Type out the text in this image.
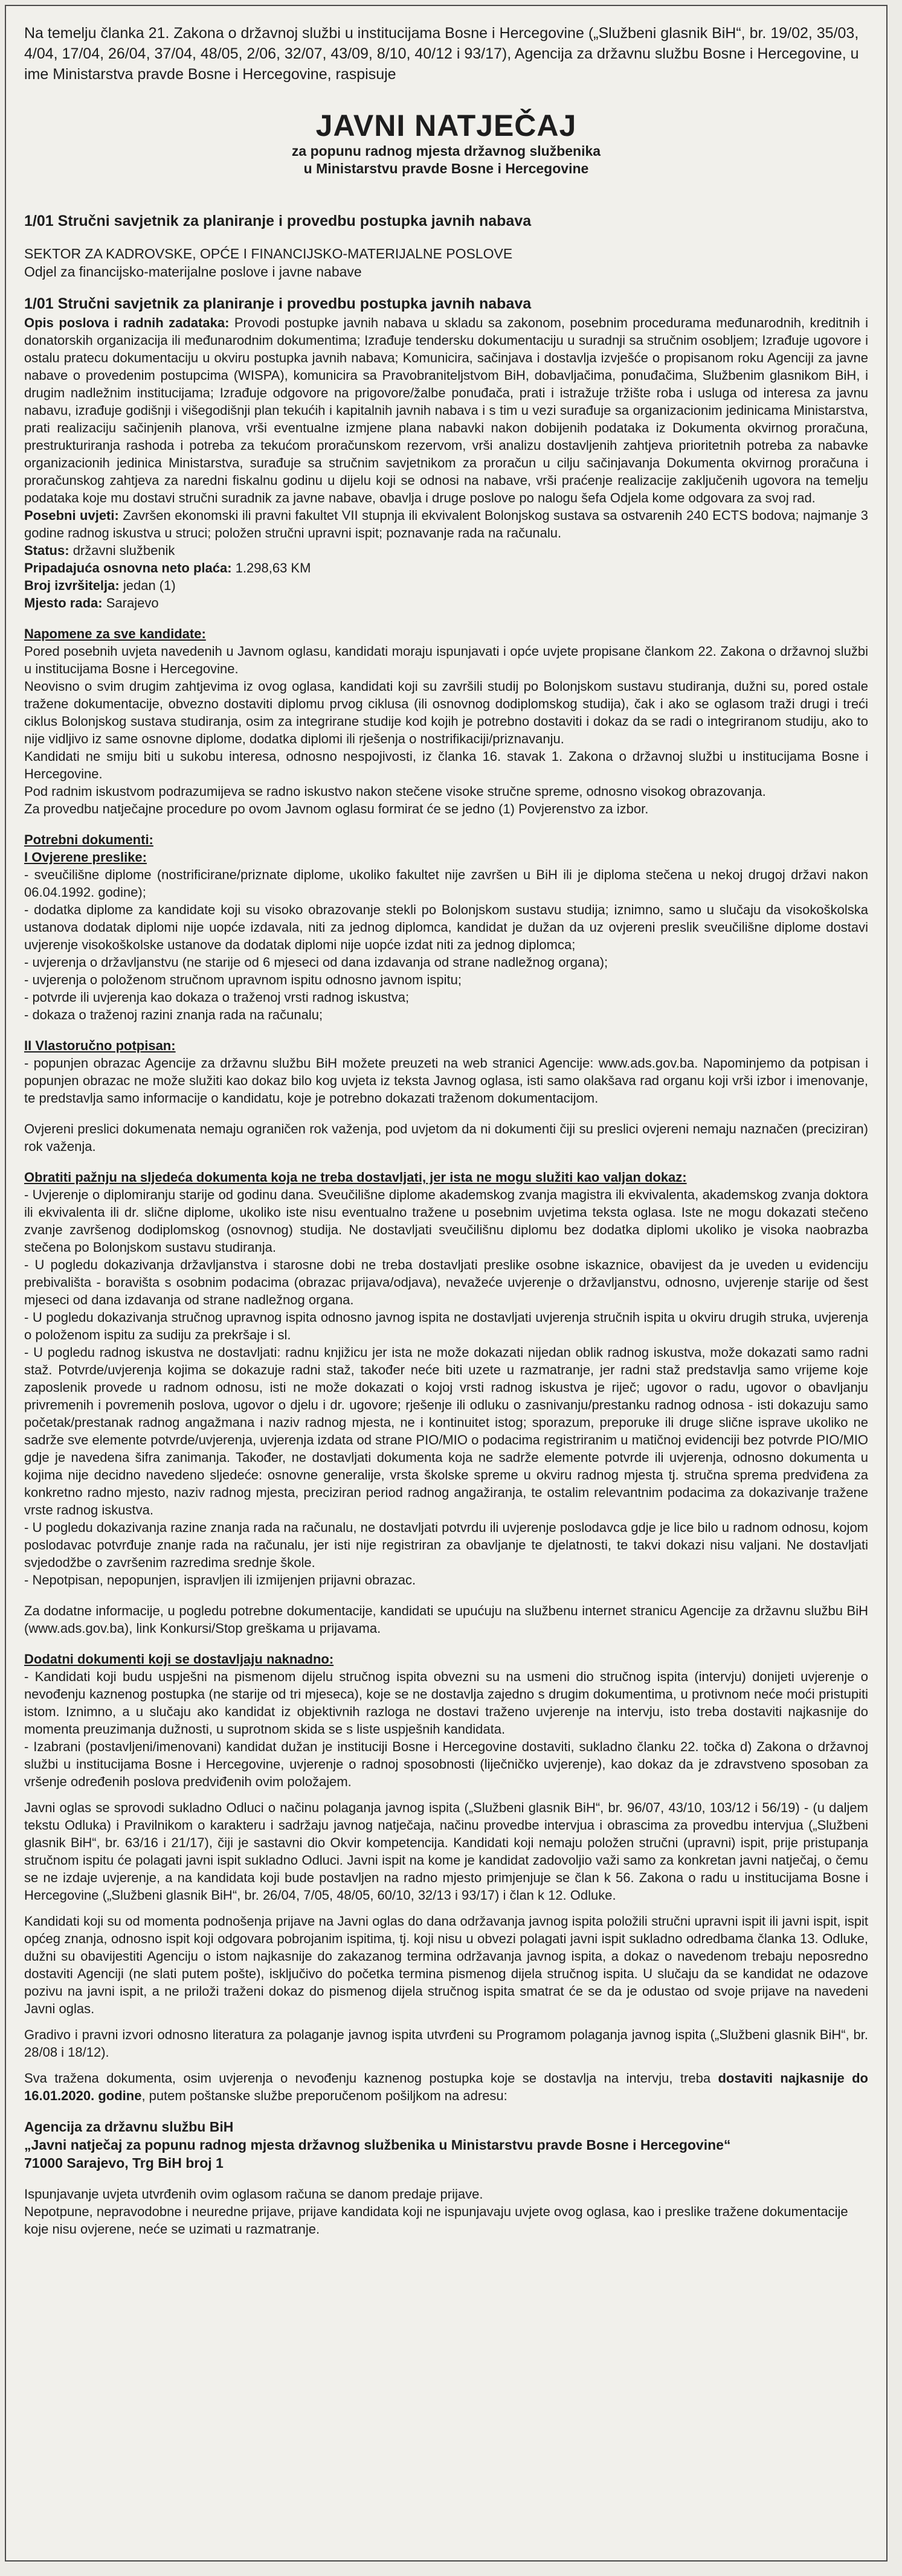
Na temelju članka 21. Zakona o državnoj službi u institucijama Bosne i Hercegovine („Službeni glasnik BiH“, br. 19/02, 35/03, 4/04, 17/04, 26/04, 37/04, 48/05, 2/06, 32/07, 43/09, 8/10, 40/12 i 93/17), Agencija za državnu službu Bosne i Hercegovine, u ime Ministarstva pravde Bosne i Hercegovine, raspisuje

JAVNI NATJEČAJ
za popunu radnog mjesta državnog službenika
u Ministarstvu pravde Bosne i Hercegovine

1/01 Stručni savjetnik za planiranje i provedbu postupka javnih nabava

SEKTOR ZA KADROVSKE, OPĆE I FINANCIJSKO-MATERIJALNE POSLOVE

Odjel za financijsko-materijalne poslove i javne nabave

1/01 Stručni savjetnik za planiranje i provedbu postupka javnih nabava

Opis poslova i radnih zadataka: Provodi postupke javnih nabava u skladu sa zakonom, posebnim procedurama međunarodnih, kreditnih i donatorskih organizacija ili međunarodnim dokumentima; Izrađuje tendersku dokumentaciju u suradnji sa stručnim osobljem; Izrađuje ugovore i ostalu pratecu dokumentaciju u okviru postupka javnih nabava; Komunicira, sačinjava i dostavlja izvješće o propisanom roku Agenciji za javne nabave o provedenim postupcima (WISPA), komunicira sa Pravobraniteljstvom BiH, dobavljačima, ponuđačima, Službenim glasnikom BiH, i drugim nadležnim institucijama; Izrađuje odgovore na prigovore/žalbe ponuđača, prati i istražuje tržište roba i usluga od interesa za javnu nabavu, izrađuje godišnji i višegodišnji plan tekućih i kapitalnih javnih nabava i s tim u vezi surađuje sa organizacionim jedinicama Ministarstva, prati realizaciju sačinjenih planova, vrši eventualne izmjene plana nabavki nakon dobijenih podataka iz Dokumenta okvirnog proračuna, prestrukturiranja rashoda i potreba za tekućom proračunskom rezervom, vrši analizu dostavljenih zahtjeva prioritetnih potreba za nabavke organizacionih jedinica Ministarstva, surađuje sa stručnim savjetnikom za proračun u cilju sačinjavanja Dokumenta okvirnog proračuna i proračunskog zahtjeva za naredni fiskalnu godinu u dijelu koji se odnosi na nabave, vrši praćenje realizacije zaključenih ugovora na temelju podataka koje mu dostavi stručni suradnik za javne nabave, obavlja i druge poslove po nalogu šefa Odjela kome odgovara za svoj rad.

Posebni uvjeti: Završen ekonomski ili pravni fakultet VII stupnja ili ekvivalent Bolonjskog sustava sa ostvarenih 240 ECTS bodova; najmanje 3 godine radnog iskustva u struci; položen stručni upravni ispit; poznavanje rada na računalu.

Status: državni službenik

Pripadajuća osnovna neto plaća: 1.298,63 KM

Broj izvršitelja: jedan (1)

Mjesto rada: Sarajevo

Napomene za sve kandidate:

Pored posebnih uvjeta navedenih u Javnom oglasu, kandidati moraju ispunjavati i opće uvjete propisane člankom 22. Zakona o državnoj službi u institucijama Bosne i Hercegovine.

Neovisno o svim drugim zahtjevima iz ovog oglasa, kandidati koji su završili studij po Bolonjskom sustavu studiranja, dužni su, pored ostale tražene dokumentacije, obvezno dostaviti diplomu prvog ciklusa (ili osnovnog dodiplomskog studija), čak i ako se oglasom traži drugi i treći ciklus Bolonjskog sustava studiranja, osim za integrirane studije kod kojih je potrebno dostaviti i dokaz da se radi o integriranom studiju, ako to nije vidljivo iz same osnovne diplome, dodatka diplomi ili rješenja o nostrifikaciji/priznavanju.

Kandidati ne smiju biti u sukobu interesa, odnosno nespojivosti, iz članka 16. stavak 1. Zakona o državnoj službi u institucijama Bosne i Hercegovine.

Pod radnim iskustvom podrazumijeva se radno iskustvo nakon stečene visoke stručne spreme, odnosno visokog obrazovanja.

Za provedbu natječajne procedure po ovom Javnom oglasu formirat će se jedno (1) Povjerenstvo za izbor.

Potrebni dokumenti:

I Ovjerene preslike:

- sveučilišne diplome (nostrificirane/priznate diplome, ukoliko fakultet nije završen u BiH ili je diploma stečena u nekoj drugoj državi nakon 06.04.1992. godine);

- dodatka diplome za kandidate koji su visoko obrazovanje stekli po Bolonjskom sustavu studija; iznimno, samo u slučaju da visokoškolska ustanova dodatak diplomi nije uopće izdavala, niti za jednog diplomca, kandidat je dužan da uz ovjereni preslik sveučilišne diplome dostavi uvjerenje visokoškolske ustanove da dodatak diplomi nije uopće izdat niti za jednog diplomca;

- uvjerenja o državljanstvu (ne starije od 6 mjeseci od dana izdavanja od strane nadležnog organa);

- uvjerenja o položenom stručnom upravnom ispitu odnosno javnom ispitu;

- potvrde ili uvjerenja kao dokaza o traženoj vrsti radnog iskustva;

- dokaza o traženoj razini znanja rada na računalu;

II Vlastoručno potpisan:

- popunjen obrazac Agencije za državnu službu BiH možete preuzeti na web stranici Agencije: www.ads.gov.ba. Napominjemo da potpisan i popunjen obrazac ne može služiti kao dokaz bilo kog uvjeta iz teksta Javnog oglasa, isti samo olakšava rad organu koji vrši izbor i imenovanje, te predstavlja samo informacije o kandidatu, koje je potrebno dokazati traženom dokumentacijom.

Ovjereni preslici dokumenata nemaju ograničen rok važenja, pod uvjetom da ni dokumenti čiji su preslici ovjereni nemaju naznačen (preciziran) rok važenja.

Obratiti pažnju na sljedeća dokumenta koja ne treba dostavljati, jer ista ne mogu služiti kao valjan dokaz:

- Uvjerenje o diplomiranju starije od godinu dana. Sveučilišne diplome akademskog zvanja magistra ili ekvivalenta, akademskog zvanja doktora ili ekvivalenta ili dr. slične diplome, ukoliko iste nisu eventualno tražene u posebnim uvjetima teksta oglasa. Iste ne mogu dokazati stečeno zvanje završenog dodiplomskog (osnovnog) studija. Ne dostavljati sveučilišnu diplomu bez dodatka diplomi ukoliko je visoka naobrazba stečena po Bolonjskom sustavu studiranja.

- U pogledu dokazivanja državljanstva i starosne dobi ne treba dostavljati preslike osobne iskaznice, obavijest da je uveden u evidenciju prebivališta - boravišta s osobnim podacima (obrazac prijava/odjava), nevažeće uvjerenje o državljanstvu, odnosno, uvjerenje starije od šest mjeseci od dana izdavanja od strane nadležnog organa.

- U pogledu dokazivanja stručnog upravnog ispita odnosno javnog ispita ne dostavljati uvjerenja stručnih ispita u okviru drugih struka, uvjerenja o položenom ispitu za sudiju za prekršaje i sl.

- U pogledu radnog iskustva ne dostavljati: radnu knjižicu jer ista ne može dokazati nijedan oblik radnog iskustva, može dokazati samo radni staž. Potvrde/uvjerenja kojima se dokazuje radni staž, također neće biti uzete u razmatranje, jer radni staž predstavlja samo vrijeme koje zaposlenik provede u radnom odnosu, isti ne može dokazati o kojoj vrsti radnog iskustva je riječ; ugovor o radu, ugovor o obavljanju privremenih i povremenih poslova, ugovor o djelu i dr. ugovore; rješenje ili odluku o zasnivanju/prestanku radnog odnosa - isti dokazuju samo početak/prestanak radnog angažmana i naziv radnog mjesta, ne i kontinuitet istog; sporazum, preporuke ili druge slične isprave ukoliko ne sadrže sve elemente potvrde/uvjerenja, uvjerenja izdata od strane PIO/MIO o podacima registriranim u matičnoj evidenciji bez potvrde PIO/MIO gdje je navedena šifra zanimanja. Također, ne dostavljati dokumenta koja ne sadrže elemente potvrde ili uvjerenja, odnosno dokumenta u kojima nije decidno navedeno sljedeće: osnovne generalije, vrsta školske spreme u okviru radnog mjesta tj. stručna sprema predviđena za konkretno radno mjesto, naziv radnog mjesta, preciziran period radnog angažiranja, te ostalim relevantnim podacima za dokazivanje tražene vrste radnog iskustva.

- U pogledu dokazivanja razine znanja rada na računalu, ne dostavljati potvrdu ili uvjerenje poslodavca gdje je lice bilo u radnom odnosu, kojom poslodavac potvrđuje znanje rada na računalu, jer isti nije registriran za obavljanje te djelatnosti, te takvi dokazi nisu valjani. Ne dostavljati svjedodžbe o završenim razredima srednje škole.

- Nepotpisan, nepopunjen, ispravljen ili izmijenjen prijavni obrazac.

Za dodatne informacije, u pogledu potrebne dokumentacije, kandidati se upućuju na službenu internet stranicu Agencije za državnu službu BiH (www.ads.gov.ba), link Konkursi/Stop greškama u prijavama.

Dodatni dokumenti koji se dostavljaju naknadno:

- Kandidati koji budu uspješni na pismenom dijelu stručnog ispita obvezni su na usmeni dio stručnog ispita (intervju) donijeti uvjerenje o nevođenju kaznenog postupka (ne starije od tri mjeseca), koje se ne dostavlja zajedno s drugim dokumentima, u protivnom neće moći pristupiti istom. Iznimno, a u slučaju ako kandidat iz objektivnih razloga ne dostavi traženo uvjerenje na intervju, isto treba dostaviti najkasnije do momenta preuzimanja dužnosti, u suprotnom skida se s liste uspješnih kandidata.

- Izabrani (postavljeni/imenovani) kandidat dužan je instituciji Bosne i Hercegovine dostaviti, sukladno članku 22. točka d) Zakona o državnoj službi u institucijama Bosne i Hercegovine, uvjerenje o radnoj sposobnosti (liječničko uvjerenje), kao dokaz da je zdravstveno sposoban za vršenje određenih poslova predviđenih ovim položajem.

Javni oglas se sprovodi sukladno Odluci o načinu polaganja javnog ispita („Službeni glasnik BiH“, br. 96/07, 43/10, 103/12 i 56/19) - (u daljem tekstu Odluka) i Pravilnikom o karakteru i sadržaju javnog natječaja, načinu provedbe intervjua i obrascima za provedbu intervjua („Službeni glasnik BiH“, br. 63/16 i 21/17), čiji je sastavni dio Okvir kompetencija. Kandidati koji nemaju položen stručni (upravni) ispit, prije pristupanja stručnom ispitu će polagati javni ispit sukladno Odluci. Javni ispit na kome je kandidat zadovoljio važi samo za konkretan javni natječaj, o čemu se ne izdaje uvjerenje, a na kandidata koji bude postavljen na radno mjesto primjenjuje se član k 56. Zakona o radu u institucijama Bosne i Hercegovine („Službeni glasnik BiH“, br. 26/04, 7/05, 48/05, 60/10, 32/13 i 93/17) i član k 12. Odluke.

Kandidati koji su od momenta podnošenja prijave na Javni oglas do dana održavanja javnog ispita položili stručni upravni ispit ili javni ispit, ispit općeg znanja, odnosno ispit koji odgovara pobrojanim ispitima, tj. koji nisu u obvezi polagati javni ispit sukladno odredbama članka 13. Odluke, dužni su obavijestiti Agenciju o istom najkasnije do zakazanog termina održavanja javnog ispita, a dokaz o navedenom trebaju neposredno dostaviti Agenciji (ne slati putem pošte), isključivo do početka termina pismenog dijela stručnog ispita. U slučaju da se kandidat ne odazove pozivu na javni ispit, a ne priloži traženi dokaz do pismenog dijela stručnog ispita smatrat će se da je odustao od svoje prijave na navedeni Javni oglas.

Gradivo i pravni izvori odnosno literatura za polaganje javnog ispita utvrđeni su Programom polaganja javnog ispita („Službeni glasnik BiH“, br. 28/08 i 18/12).

Sva tražena dokumenta, osim uvjerenja o nevođenju kaznenog postupka koje se dostavlja na intervju, treba dostaviti najkasnije do 16.01.2020. godine, putem poštanske službe preporučenom pošiljkom na adresu:

Agencija za državnu službu BiH

„Javni natječaj za popunu radnog mjesta državnog službenika u Ministarstvu pravde Bosne i Hercegovine“

71000 Sarajevo, Trg BiH broj 1

Ispunjavanje uvjeta utvrđenih ovim oglasom računa se danom predaje prijave.

Nepotpune, nepravodobne i neuredne prijave, prijave kandidata koji ne ispunjavaju uvjete ovog oglasa, kao i preslike tražene dokumentacije koje nisu ovjerene, neće se uzimati u razmatranje.
